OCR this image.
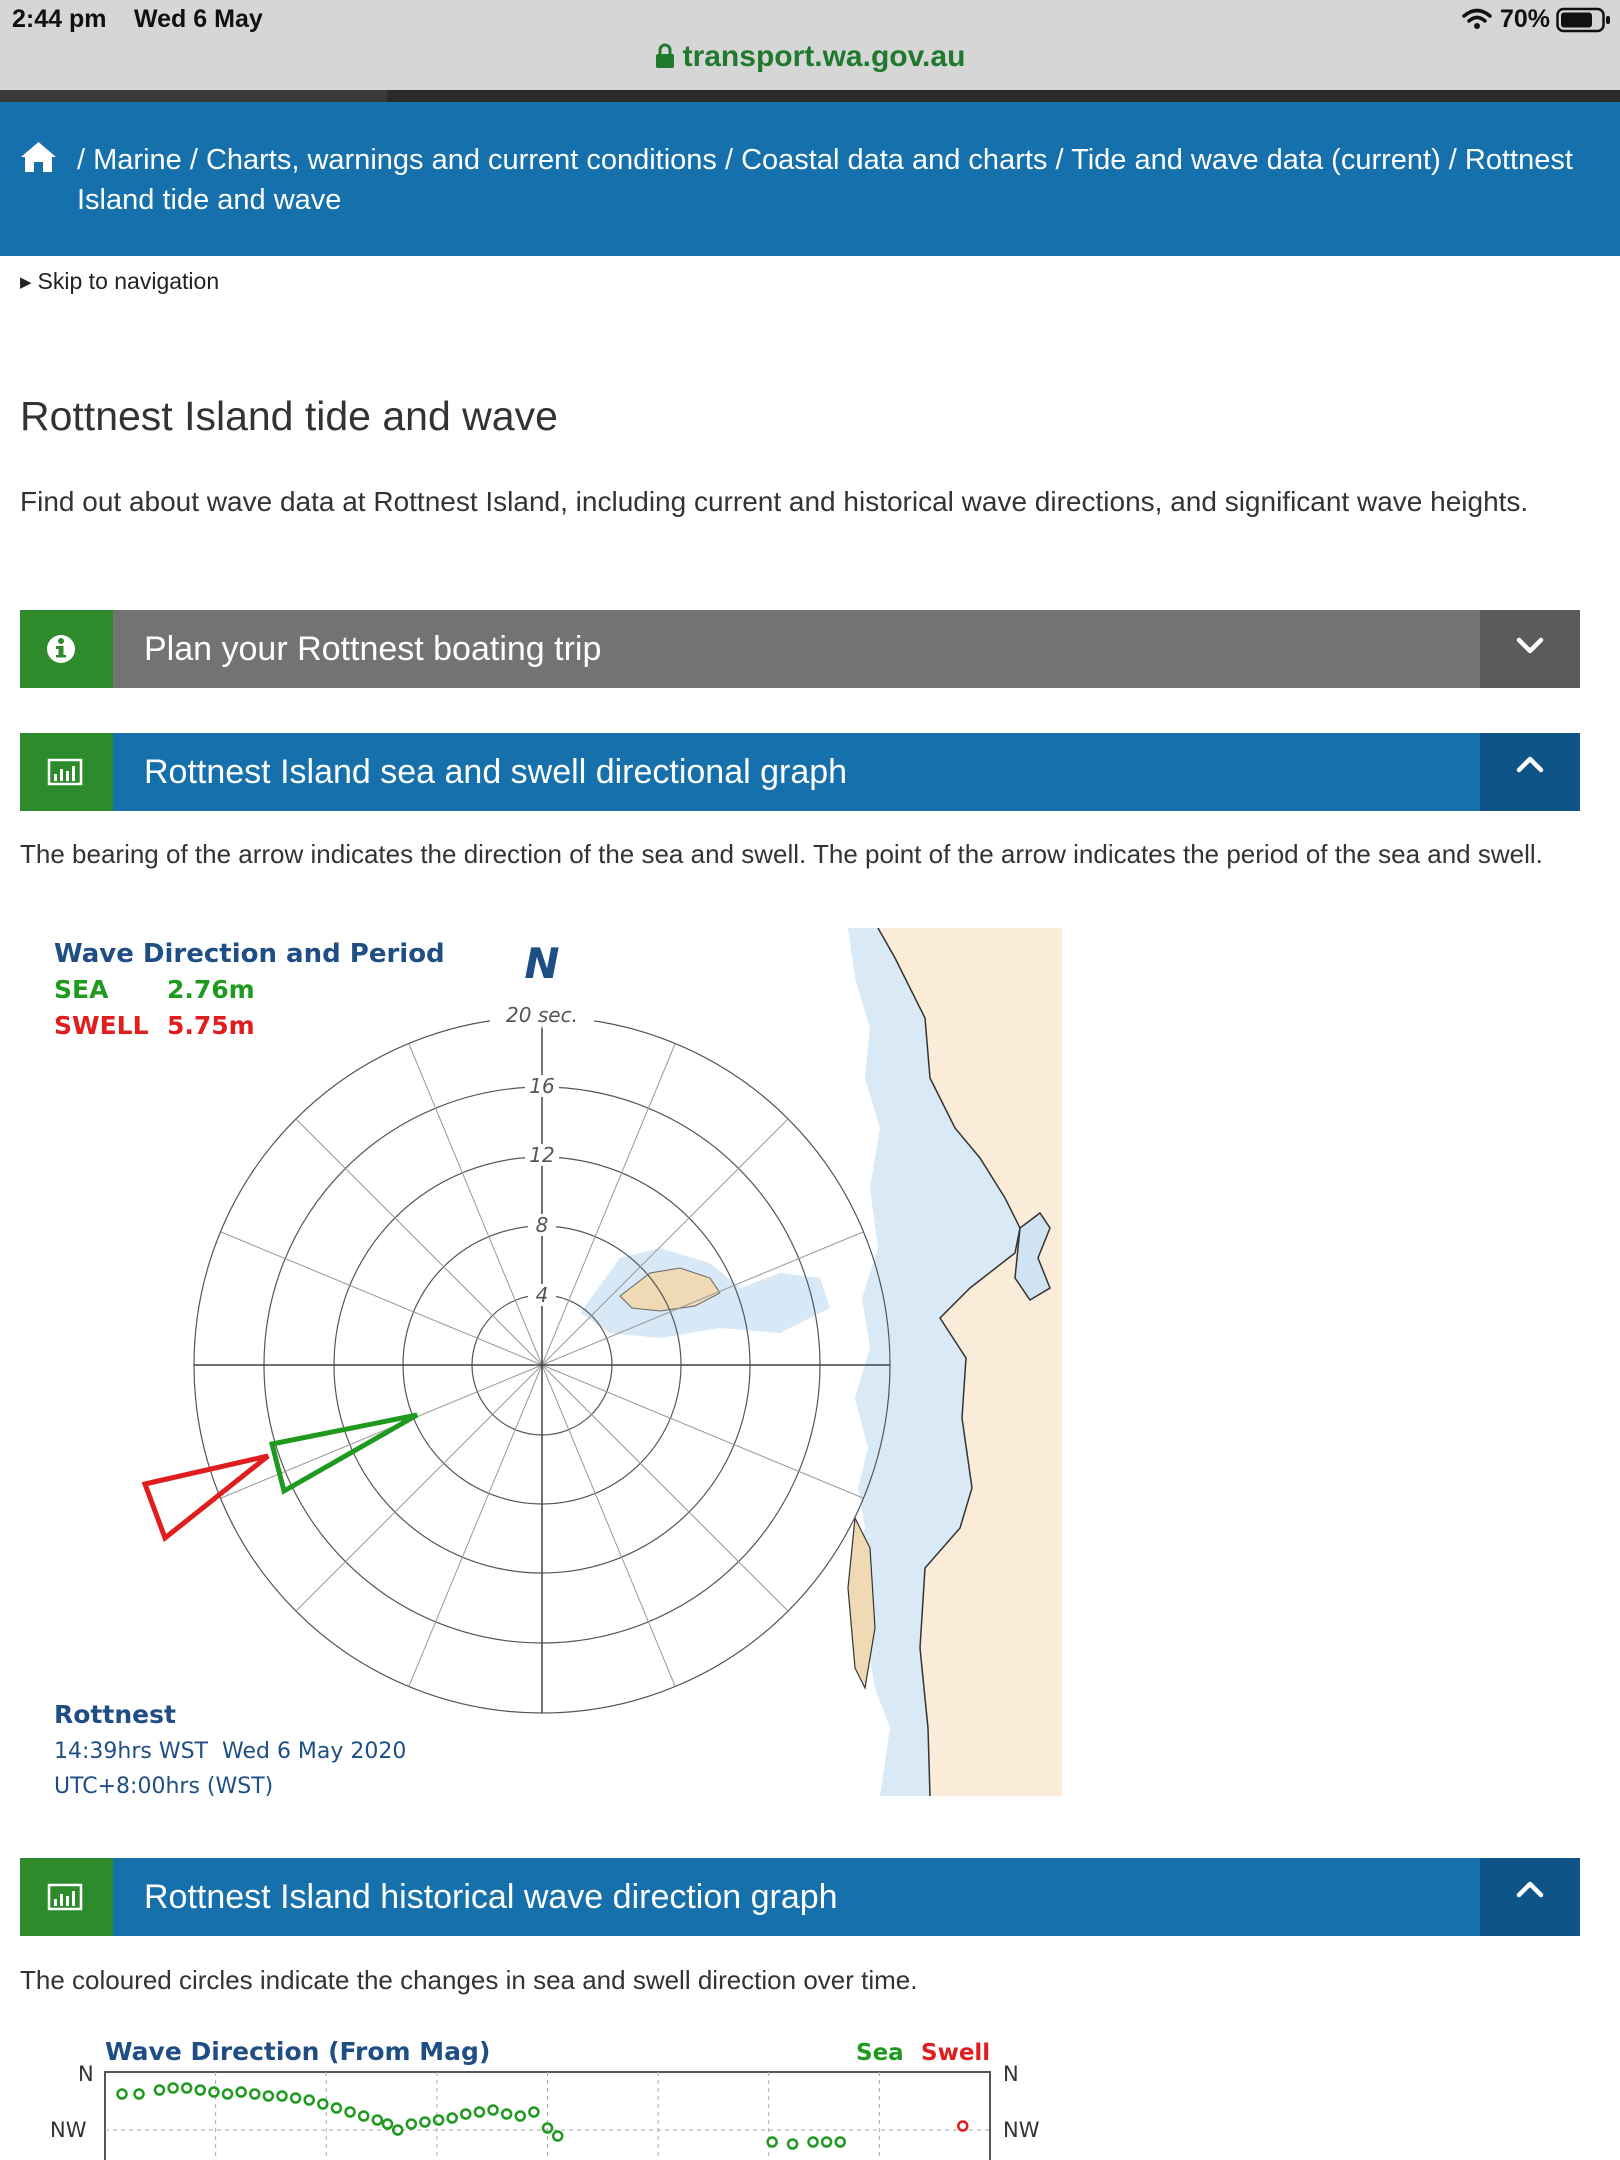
2:44 pm Wed 6 May	70%
transport.wa.gov.au
/ Marine / Charts, warnings and current conditions / Coastal data and charts / Tide and wave data (current) / Rottnest Island tide and wave
▶ Skip to navigation
Rottnest Island tide and wave
Find out about wave data at Rottnest Island, including current and historical wave directions, and significant wave heights.
Plan your Rottnest boating trip
Rottnest Island sea and swell directional graph
The bearing of the arrow indicates the direction of the sea and swell. The point of the arrow indicates the period of the sea and swell.
4
8
12
16
20 sec.
N
Wave Direction and Period
SEA 2.76m
SWELL 5.75m
Rottnest
14:39hrs WST  Wed 6 May 2020
UTC+8:00hrs (WST)
Rottnest Island historical wave direction graph
The coloured circles indicate the changes in sea and swell direction over time.
Wave Direction (From Mag)	Sea Swell
N
NW
N
NW
